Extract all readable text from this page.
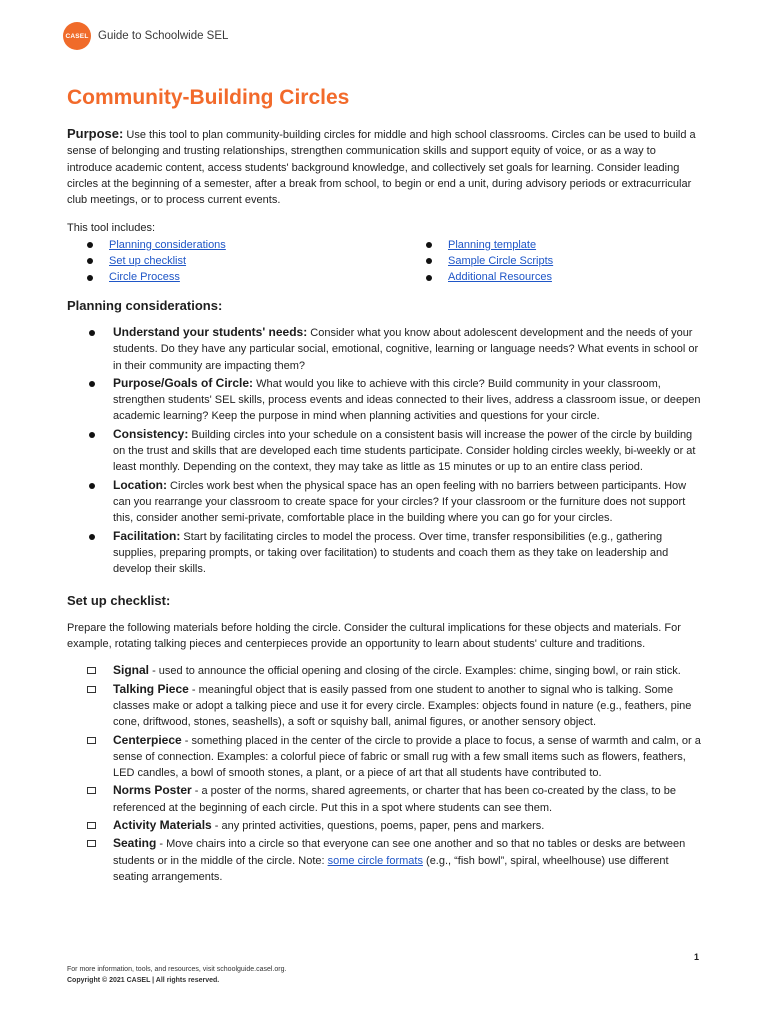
CASEL Guide to Schoolwide SEL
Community-Building Circles

Purpose: Use this tool to plan community-building circles for middle and high school classrooms. Circles can be used to build a sense of belonging and trusting relationships, strengthen communication skills and support equity of voice, or as a way to introduce academic content, access students' background knowledge, and collectively set goals for learning. Consider leading circles at the beginning of a semester, after a break from school, to begin or end a unit, during advisory periods or extracurricular club meetings, or to process current events.

This tool includes:
Planning considerations	Planning template
Set up checklist	Sample Circle Scripts
Circle Process	Additional Resources
Planning considerations:
Understand your students' needs: Consider what you know about adolescent development and the needs of your students. Do they have any particular social, emotional, cognitive, learning or language needs? What events in school or in their community are impacting them?
Purpose/Goals of Circle: What would you like to achieve with this circle? Build community in your classroom, strengthen students' SEL skills, process events and ideas connected to their lives, address a classroom issue, or deepen academic learning? Keep the purpose in mind when planning activities and questions for your circle.
Consistency: Building circles into your schedule on a consistent basis will increase the power of the circle by building on the trust and skills that are developed each time students participate. Consider holding circles weekly, bi-weekly or at least monthly. Depending on the context, they may take as little as 15 minutes or up to an entire class period.
Location: Circles work best when the physical space has an open feeling with no barriers between participants. How can you rearrange your classroom to create space for your circles? If your classroom or the furniture does not support this, consider another semi-private, comfortable place in the building where you can go for your circles.
Facilitation: Start by facilitating circles to model the process. Over time, transfer responsibilities (e.g., gathering supplies, preparing prompts, or taking over facilitation) to students and coach them as they take on leadership and develop their skills.
Set up checklist:

Prepare the following materials before holding the circle. Consider the cultural implications for these objects and materials. For example, rotating talking pieces and centerpieces provide an opportunity to learn about students' culture and traditions.

Signal - used to announce the official opening and closing of the circle. Examples: chime, singing bowl, or rain stick.
Talking Piece - meaningful object that is easily passed from one student to another to signal who is talking. Some classes make or adopt a talking piece and use it for every circle. Examples: objects found in nature (e.g., feathers, pine cone, driftwood, stones, seashells), a soft or squishy ball, animal figures, or another sensory object.
Centerpiece - something placed in the center of the circle to provide a place to focus, a sense of warmth and calm, or a sense of connection. Examples: a colorful piece of fabric or small rug with a few small items such as flowers, feathers, LED candles, a bowl of smooth stones, a plant, or a piece of art that all students have contributed to.
Norms Poster - a poster of the norms, shared agreements, or charter that has been co-created by the class, to be referenced at the beginning of each circle. Put this in a spot where students can see them.
Activity Materials - any printed activities, questions, poems, paper, pens and markers.
Seating - Move chairs into a circle so that everyone can see one another and so that no tables or desks are between students or in the middle of the circle. Note: some circle formats (e.g., “fish bowl”, spiral, wheelhouse) use different seating arrangements.
1
For more information, tools, and resources, visit schoolguide.casel.org.
Copyright © 2021 CASEL | All rights reserved.
